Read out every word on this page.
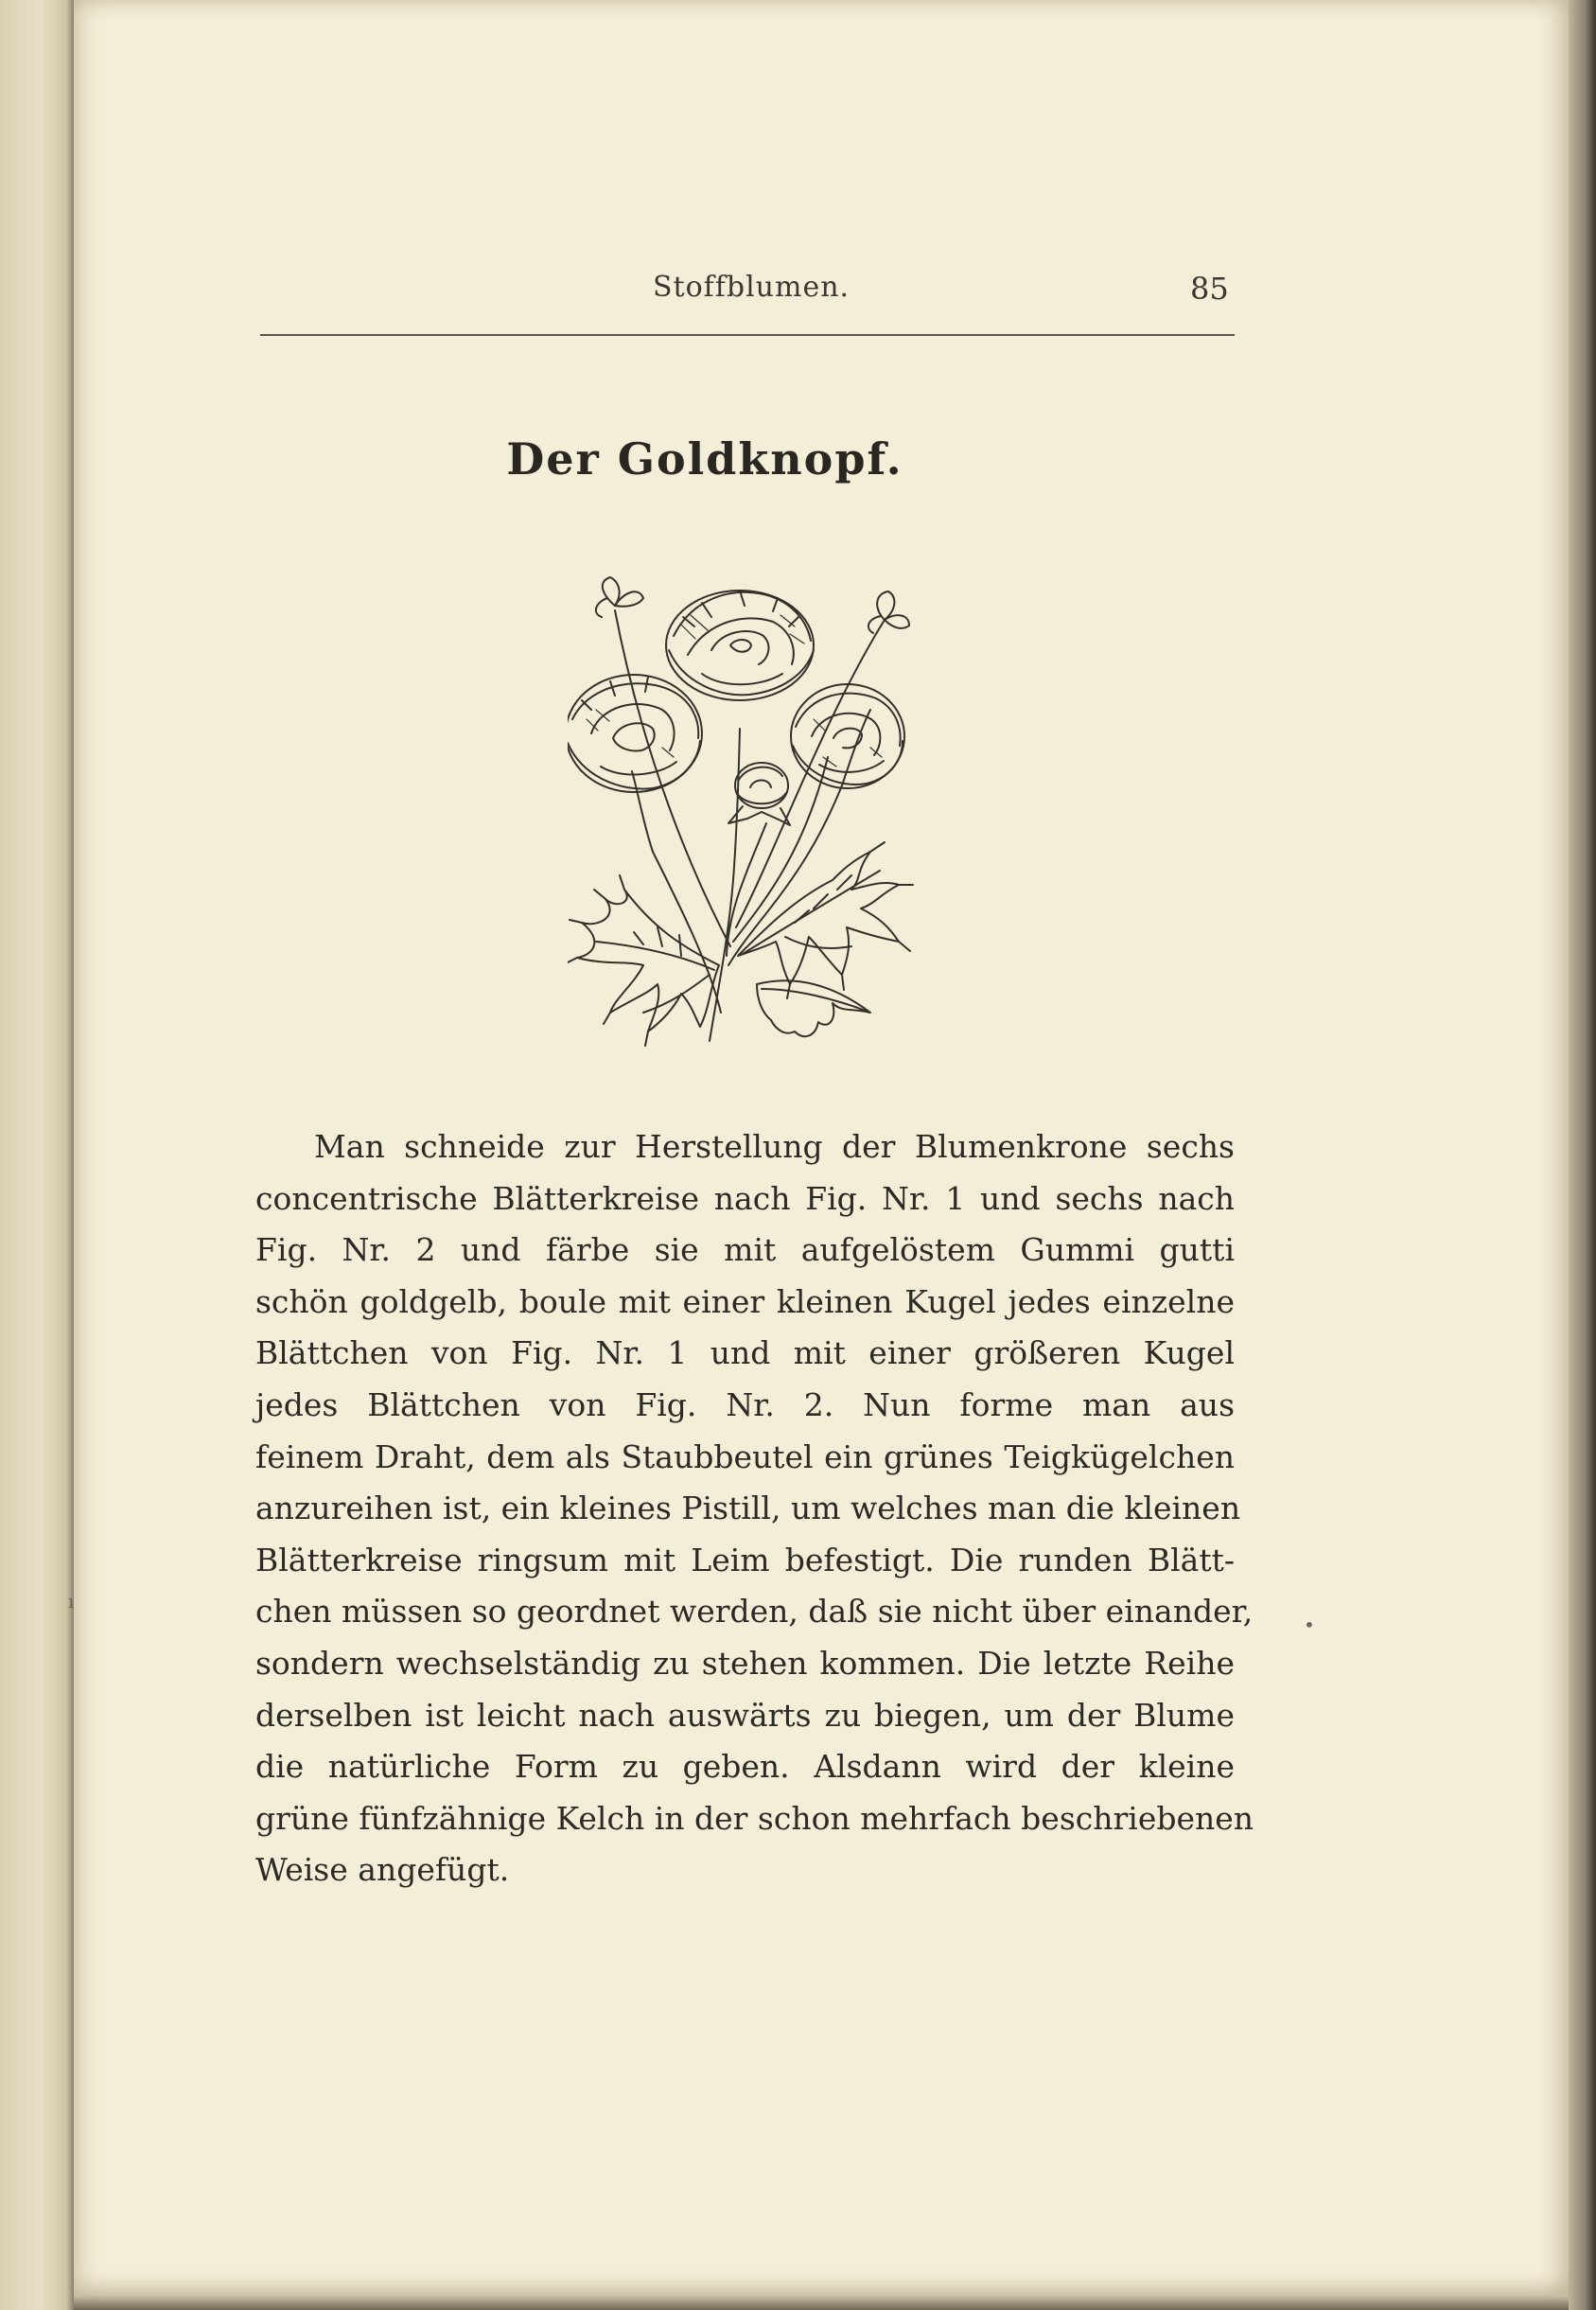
Stoffblumen.	85
Der Goldknopf.
Man schneide zur Herstellung der Blumenkrone sechs
concentrische Blätterkreise nach Fig. Nr. 1 und sechs nach
Fig. Nr. 2 und färbe sie mit aufgelöstem Gummi gutti
schön goldgelb, boule mit einer kleinen Kugel jedes einzelne
Blättchen von Fig. Nr. 1 und mit einer größeren Kugel
jedes Blättchen von Fig. Nr. 2. Nun forme man aus
feinem Draht, dem als Staubbeutel ein grünes Teigkügelchen
anzureihen ist, ein kleines Pistill, um welches man die kleinen
Blätterkreise ringsum mit Leim befestigt. Die runden Blätt-
chen müssen so geordnet werden, daß sie nicht über einander,
sondern wechselständig zu stehen kommen. Die letzte Reihe
derselben ist leicht nach auswärts zu biegen, um der Blume
die natürliche Form zu geben. Alsdann wird der kleine
grüne fünfzähnige Kelch in der schon mehrfach beschriebenen
Weise angefügt.
ı
•
